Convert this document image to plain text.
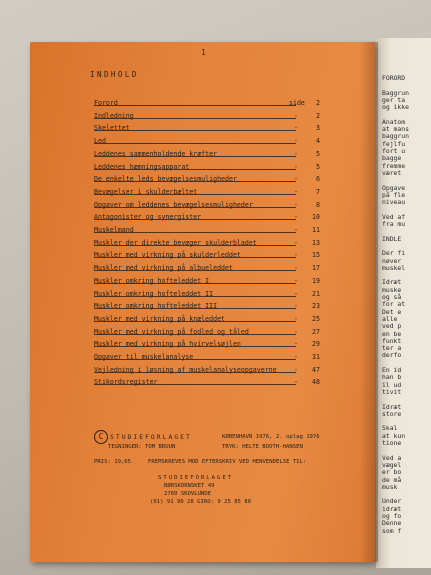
FORORD
Baggrun
ger ta
og ikke
Anatom
at mans
baggrun
fejlfu
fort u
bagge
fremme
været
Opgave
på fle
niveau
Ved af
fra mu
INDLE
Der fi
nøver
muskel
Idræt
muske
og så
for at
Det e
alle
ved p
en be
funkt
ter a
derfo
En id
han b
il ud
tivit
Idræt
store
Skal
at kun
tione
Ved a
vægel
er bo
de må
musk
Under
idræt
og fo
Denne
som f
1
INDHOLD
Forord	side	2
Indledning	-	2
Skelettet	-	3
Led	-	4
Leddenes sammenholdende kræfter	-	5
Leddenes hæmningsapparat	-	5
De enkelte leds bevægelsesmuligheder	-	6
Bevægelser i skulderbæltet	-	7
Opgaver om leddenes bevægelsesmuligheder	-	8
Antagonister og synergister	-	10
Muskelmand	-	11
Muskler der direkte bevæger skulderbladet	-	13
Muskler med virkning på skulderleddet	-	15
Muskler med virkning på albueleddet	-	17
Muskler omkring hofteleddet I	-	19
Muskler omkring hofteleddet II	-	21
Muskler omkring hofteleddet III	-	23
Muskler med virkning på knæleddet	-	25
Muskler med virkning på fodled og tåled	-	27
Muskler med virkning på hvirvelsøjlen	-	29
Opgaver til muskelanalyse	-	31
Vejledning i løsning af muskelanalyseopgaverne	-	47
Stikordsregister	-	48
C	STUDIEFORLAGET	KØBENHAVN 1976, 2. oplag 1976
TEGNINGER: TOM BRUUN	TRYK: HELTE BOOTH-HANSEN
PRIS: 19,65	FREMSKREVES MOD EFTERSKRIV VED HENVENDELSE TIL:
STUDIEFORLAGET
BØRSKORNSKET 49
2760 SKOVLUNDE
(01) 91 90 28 GIRO: 9 25 85 80
